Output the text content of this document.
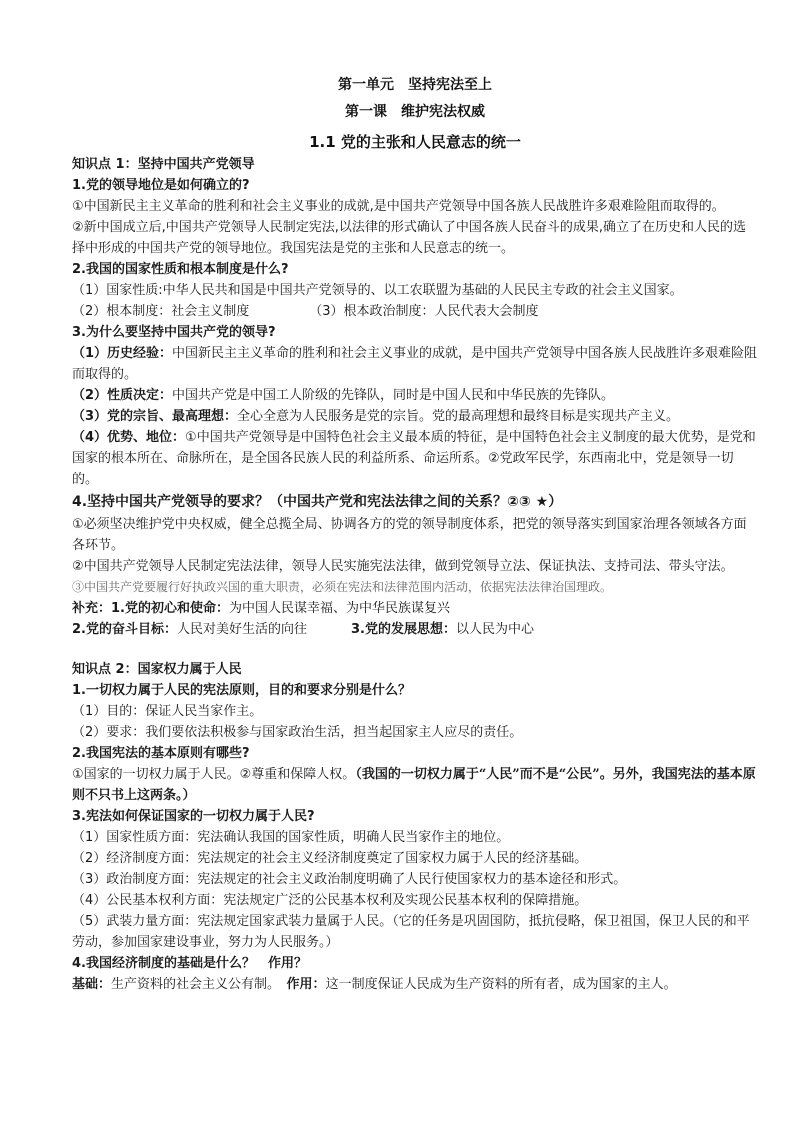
第一单元　坚持宪法至上

第一课　维护宪法权威

1.1 党的主张和人民意志的统一

知识点 1：坚持中国共产党领导

1.党的领导地位是如何确立的?

①中国新民主主义革命的胜利和社会主义事业的成就,是中国共产党领导中国各族人民战胜许多艰难险阻而取得的。

②新中国成立后,中国共产党领导人民制定宪法,以法律的形式确认了中国各族人民奋斗的成果,确立了在历史和人民的选择中形成的中国共产党的领导地位。我国宪法是党的主张和人民意志的统一。

2.我国的国家性质和根本制度是什么?

（1）国家性质:中华人民共和国是中国共产党领导的、以工农联盟为基础的人民民主专政的社会主义国家。

（2）根本制度：社会主义制度	（3）根本政治制度：人民代表大会制度

3.为什么要坚持中国共产党的领导?

（1）历史经验：中国新民主主义革命的胜利和社会主义事业的成就，是中国共产党领导中国各族人民战胜许多艰难险阻而取得的。

（2）性质决定：中国共产党是中国工人阶级的先锋队，同时是中国人民和中华民族的先锋队。

（3）党的宗旨、最高理想：全心全意为人民服务是党的宗旨。党的最高理想和最终目标是实现共产主义。

（4）优势、地位：①中国共产党领导是中国特色社会主义最本质的特征，是中国特色社会主义制度的最大优势，是党和国家的根本所在、命脉所在，是全国各民族人民的利益所系、命运所系。②党政军民学，东西南北中，党是领导一切的。

4.坚持中国共产党领导的要求？（中国共产党和宪法法律之间的关系？②③ ★）

①必须坚决维护党中央权威，健全总揽全局、协调各方的党的领导制度体系，把党的领导落实到国家治理各领域各方面各环节。

②中国共产党领导人民制定宪法法律，领导人民实施宪法法律，做到党领导立法、保证执法、支持司法、带头守法。

③中国共产党要履行好执政兴国的重大职责，必须在宪法和法律范围内活动，依据宪法法律治国理政。

补充：1.党的初心和使命：为中国人民谋幸福、为中华民族谋复兴

2.党的奋斗目标：人民对美好生活的向往	3.党的发展思想：以人民为中心

知识点 2：国家权力属于人民

1.一切权力属于人民的宪法原则，目的和要求分别是什么？

（1）目的：保证人民当家作主。

（2）要求：我们要依法积极参与国家政治生活，担当起国家主人应尽的责任。

2.我国宪法的基本原则有哪些?

①国家的一切权力属于人民。②尊重和保障人权。（我国的一切权力属于“人民”而不是“公民”。另外，我国宪法的基本原则不只书上这两条。）

3.宪法如何保证国家的一切权力属于人民?

（1）国家性质方面：宪法确认我国的国家性质，明确人民当家作主的地位。

（2）经济制度方面：宪法规定的社会主义经济制度奠定了国家权力属于人民的经济基础。

（3）政治制度方面：宪法规定的社会主义政治制度明确了人民行使国家权力的基本途径和形式。

（4）公民基本权利方面：宪法规定广泛的公民基本权利及实现公民基本权利的保障措施。

（5）武装力量方面：宪法规定国家武装力量属于人民。（它的任务是巩固国防，抵抗侵略，保卫祖国，保卫人民的和平劳动，参加国家建设事业，努力为人民服务。）

4.我国经济制度的基础是什么？　作用？

基础：生产资料的社会主义公有制。　 作用：这一制度保证人民成为生产资料的所有者，成为国家的主人。
